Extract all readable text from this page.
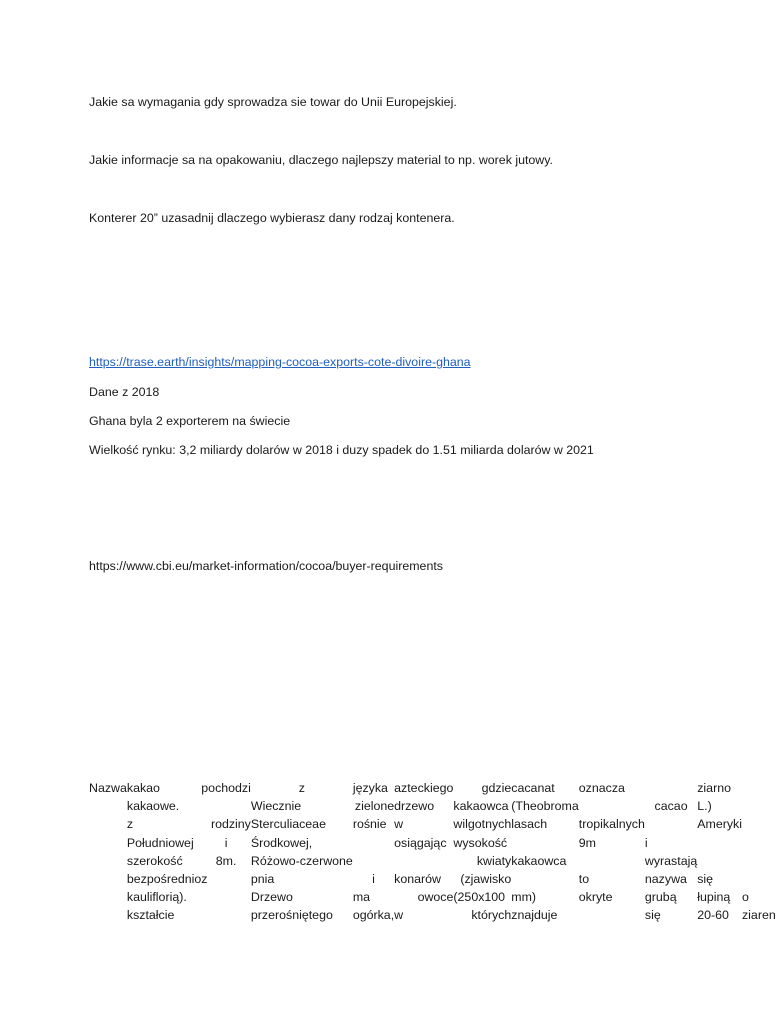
Jakie sa wymagania gdy sprowadza sie towar do Unii Europejskiej.
Jakie informacje sa na opakowaniu, dlaczego najlepszy material to np. worek jutowy.
Konterer 20” uzasadnij dlaczego wybierasz dany rodzaj kontenera.
https://trase.earth/insights/mapping-cocoa-exports-cote-divoire-ghana
Dane z 2018
Ghana byla 2 exporterem na świecie
Wielkość rynku: 3,2 miliardy dolarów w 2018 i duzy spadek do 1.51 miliarda dolarów w 2021
https://www.cbi.eu/market-information/cocoa/buyer-requirements
Nazwa	kakao	pochodzi	z	języka	azteckiego	gdzie	cacanat	oznacza		ziarno	
	kakaowe.		Wiecznie	zielone	drzewo	kakaowca	(Theobroma		cacao	L.)	
	z	rodziny	Sterculiaceae	rośnie	w	wilgotnych	lasach	tropikalnych		Ameryki	
	Południowej	i	Środkowej,		osiągając	wysokość		9m	i		
	szerokość	8m.	Różowo-czerwone			kwiaty	kakaowca		wyrastają		
	bezpośrednio	z	pnia	i	konarów	(zjawisko		to	nazywa	się	
	kauliflorią).		Drzewo	ma	owoce	(250x100	mm)	okryte	grubą	łupiną	o
	kształcie		przerośniętego	ogórka,	w	których	znajduje		się	20-60	ziaren
